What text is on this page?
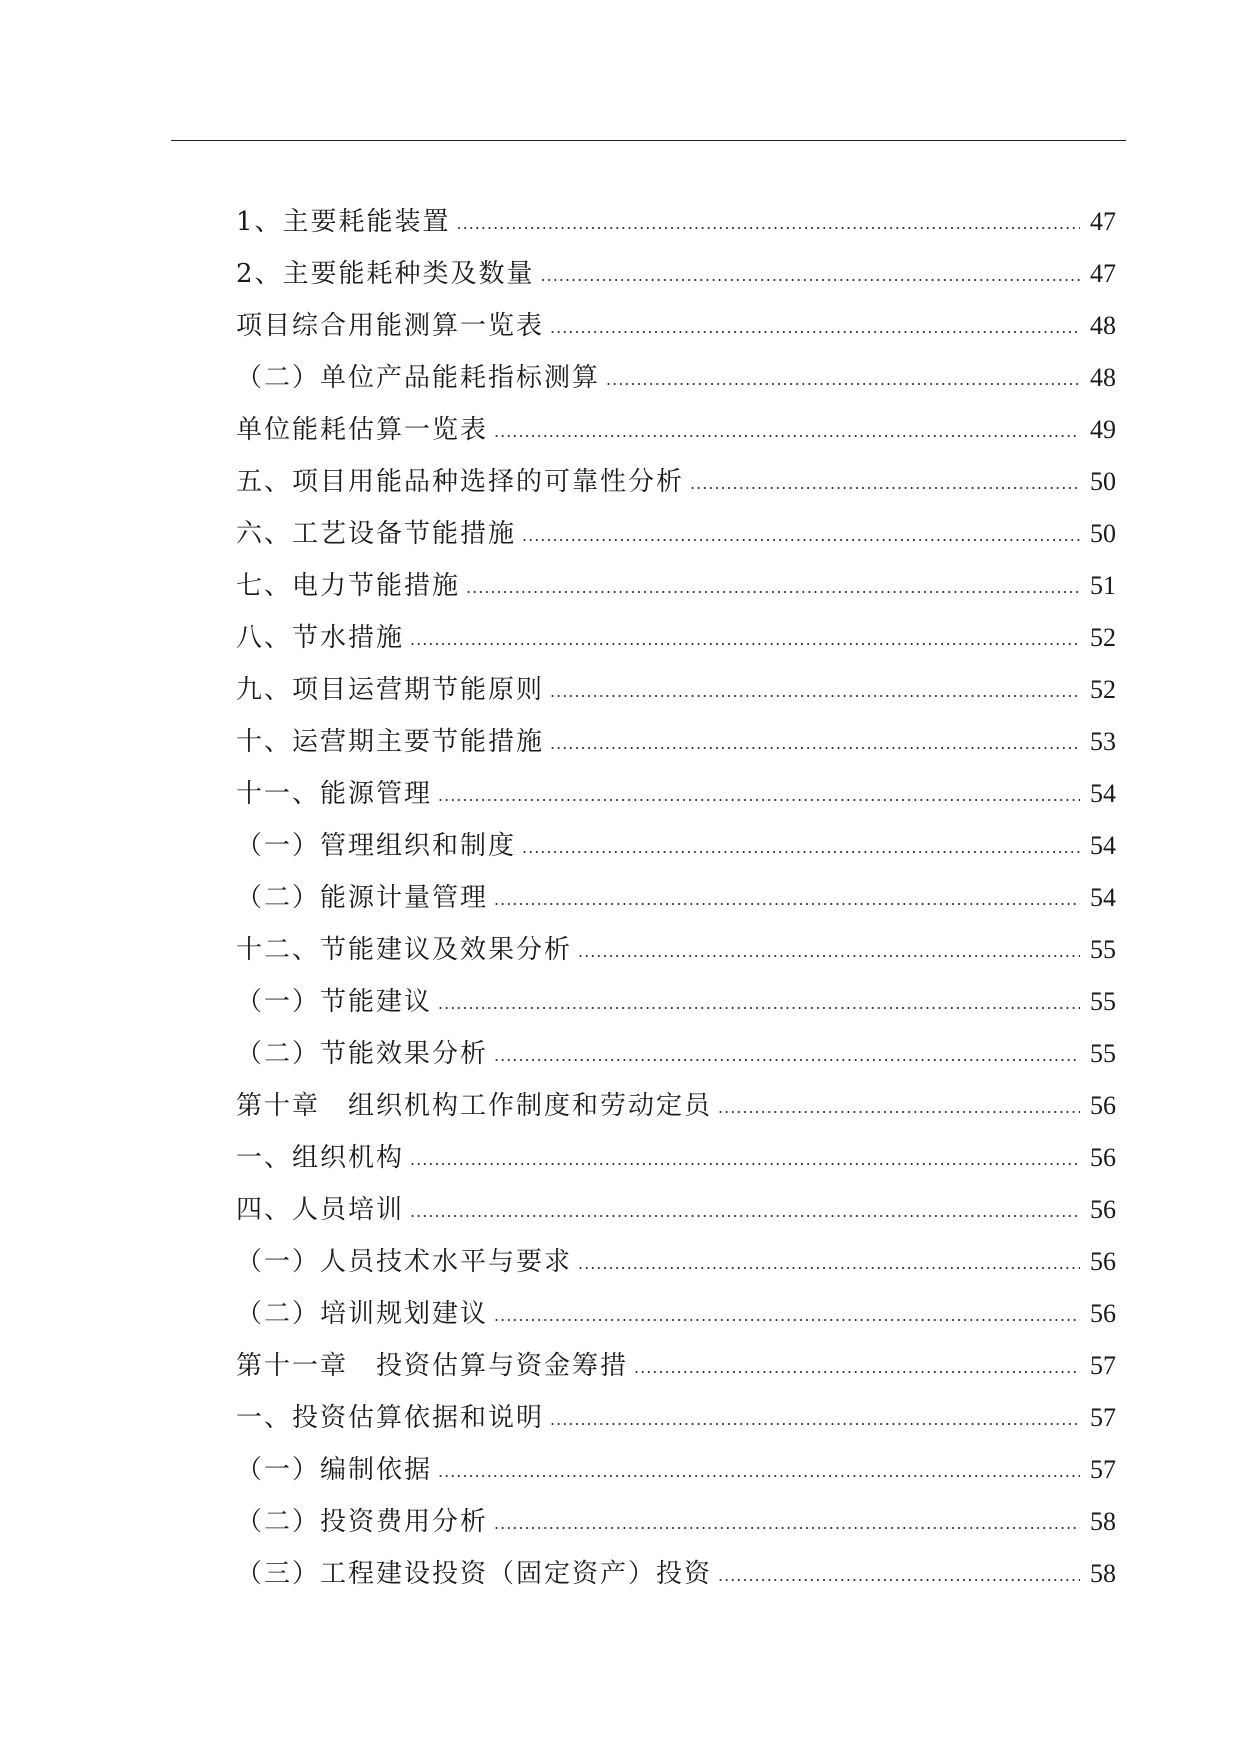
1、主要耗能装置 .....	47
2、主要能耗种类及数量 .....	47
项目综合用能测算一览表 .....	48
（二）单位产品能耗指标测算 .....	48
单位能耗估算一览表 .....	49
五、项目用能品种选择的可靠性分析 .....	50
六、工艺设备节能措施 .....	50
七、电力节能措施 .....	51
八、节水措施 .....	52
九、项目运营期节能原则 .....	52
十、运营期主要节能措施 .....	53
十一、能源管理 .....	54
（一）管理组织和制度 .....	54
（二）能源计量管理 .....	54
十二、节能建议及效果分析 .....	55
（一）节能建议 .....	55
（二）节能效果分析 .....	55
第十章　组织机构工作制度和劳动定员 .....	56
一、组织机构 .....	56
四、人员培训 .....	56
（一）人员技术水平与要求 .....	56
（二）培训规划建议 .....	56
第十一章　投资估算与资金筹措 .....	57
一、投资估算依据和说明 .....	57
（一）编制依据 .....	57
（二）投资费用分析 .....	58
（三）工程建设投资（固定资产）投资 .....	58
